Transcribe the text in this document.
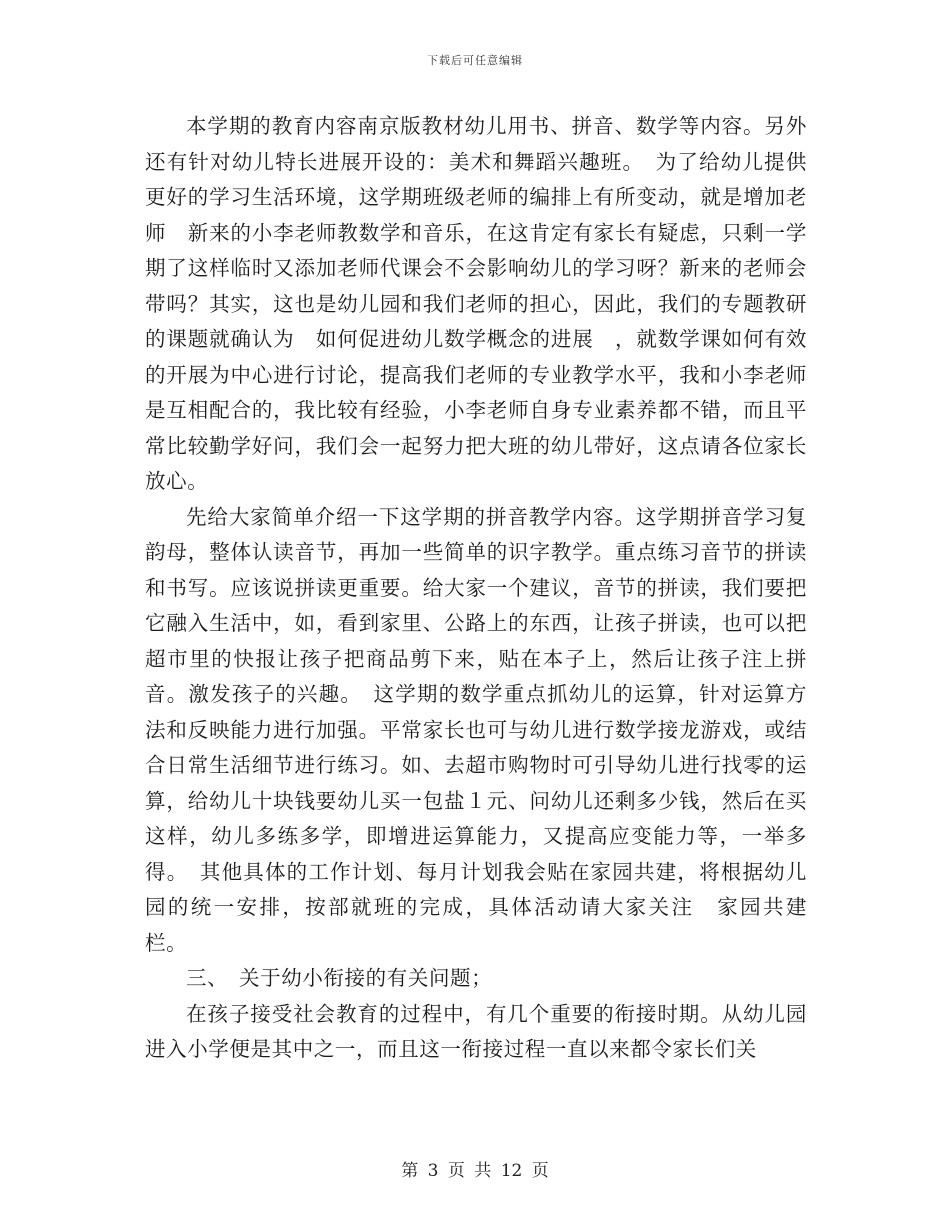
下载后可任意编辑

本学期的教育内容南京版教材幼儿用书、拼音、数学等内容。另外还有针对幼儿特长进展开设的：美术和舞蹈兴趣班。　为了给幼儿提供更好的学习生活环境，这学期班级老师的编排上有所变动，就是增加老师　新来的小李老师教数学和音乐，在这肯定有家长有疑虑，只剩一学期了这样临时又添加老师代课会不会影响幼儿的学习呀？新来的老师会带吗？其实，这也是幼儿园和我们老师的担心，因此，我们的专题教研的课题就确认为　如何促进幼儿数学概念的进展　，就数学课如何有效的开展为中心进行讨论，提高我们老师的专业教学水平，我和小李老师是互相配合的，我比较有经验，小李老师自身专业素养都不错，而且平常比较勤学好问，我们会一起努力把大班的幼儿带好，这点请各位家长放心。

先给大家简单介绍一下这学期的拼音教学内容。这学期拼音学习复韵母，整体认读音节，再加一些简单的识字教学。重点练习音节的拼读和书写。应该说拼读更重要。给大家一个建议，音节的拼读，我们要把它融入生活中，如，看到家里、公路上的东西，让孩子拼读，也可以把超市里的快报让孩子把商品剪下来，贴在本子上，然后让孩子注上拼音。激发孩子的兴趣。　这学期的数学重点抓幼儿的运算，针对运算方法和反映能力进行加强。平常家长也可与幼儿进行数学接龙游戏，或结合日常生活细节进行练习。如、去超市购物时可引导幼儿进行找零的运算，给幼儿十块钱要幼儿买一包盐１元、问幼儿还剩多少钱，然后在买　这样，幼儿多练多学，即增进运算能力，又提高应变能力等，一举多得。　其他具体的工作计划、每月计划我会贴在家园共建，将根据幼儿园的统一安排，按部就班的完成，具体活动请大家关注　家园共建　栏。

三、　关于幼小衔接的有关问题；

在孩子接受社会教育的过程中，有几个重要的衔接时期。从幼儿园进入小学便是其中之一，而且这一衔接过程一直以来都令家长们关

第 3 页 共 12 页
